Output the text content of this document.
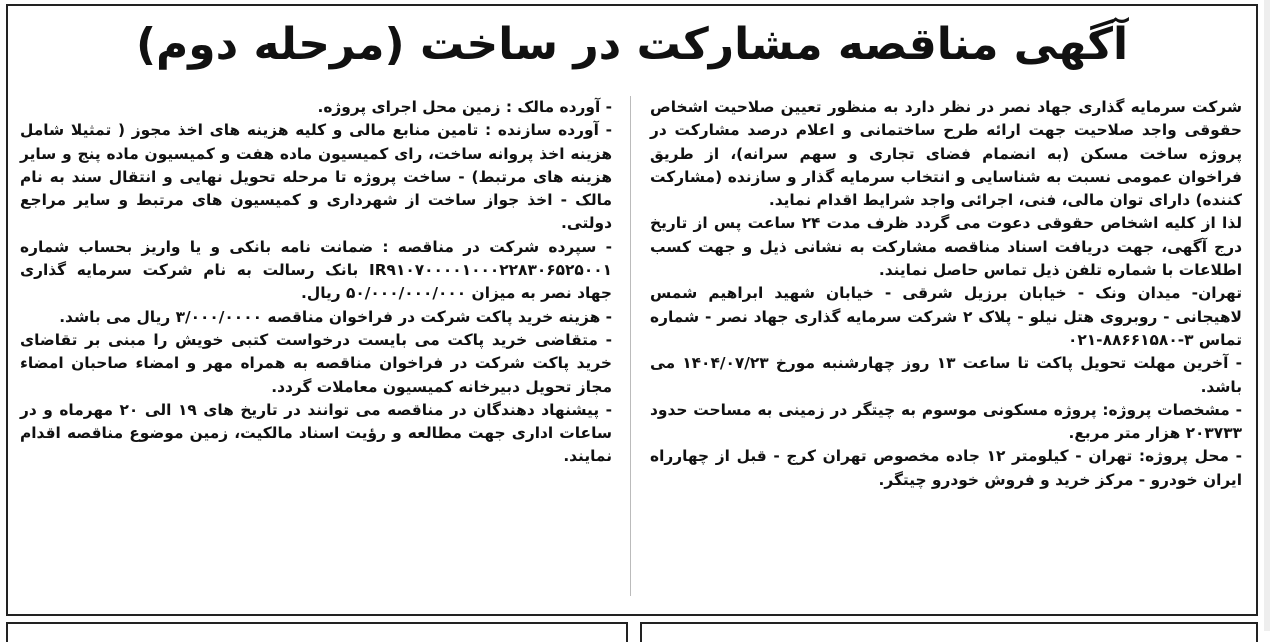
آگهی مناقصه مشارکت در ساخت (مرحله دوم)

شرکت سرمایه گذاری جهاد نصر در نظر دارد به منظور تعیین صلاحیت اشخاص حقوقی واجد صلاحیت جهت ارائه طرح ساختمانی و اعلام درصد مشارکت در پروژه ساخت مسکن (به انضمام فضای تجاری و سهم سرانه)، از طریق فراخوان عمومی نسبت به شناسایی و انتخاب سرمایه گذار و سازنده (مشارکت کننده) دارای توان مالی، فنی، اجرائی واجد شرایط اقدام نماید.

لذا از کلیه اشخاص حقوقی دعوت می گردد ظرف مدت ۲۴ ساعت پس از تاریخ درج آگهی، جهت دریافت اسناد مناقصه مشارکت به نشانی ذیل و جهت کسب اطلاعات با شماره تلفن ذیل تماس حاصل نمایند.

تهران- میدان ونک - خیابان برزیل شرقی - خیابان شهید ابراهیم شمس لاهیجانی - روبروی هتل نیلو - پلاک ۲ شرکت سرمایه گذاری جهاد نصر - شماره تماس ۳-۸۸۶۶۱۵۸۰-۰۲۱

- آخرین مهلت تحویل پاکت تا ساعت ۱۳ روز چهارشنبه مورخ ۱۴۰۴/۰۷/۲۳ می باشد.

- مشخصات پروژه: پروژه مسکونی موسوم به چیتگر در زمینی به مساحت حدود ۲۰۳۷۳۳ هزار متر مربع.

- محل پروژه: تهران - کیلومتر ۱۲ جاده مخصوص تهران کرج - قبل از چهارراه ایران خودرو - مرکز خرید و فروش خودرو چیتگر.

- آورده مالک : زمین محل اجرای پروژه.

- آورده سازنده : تامین منابع مالی و کلیه هزینه های اخذ مجوز ( تمثیلا شامل هزینه اخذ پروانه ساخت، رای کمیسیون ماده هفت و کمیسیون ماده پنج و سایر هزینه های مرتبط) - ساخت پروژه تا مرحله تحویل نهایی و انتقال سند به نام مالک - اخذ جواز ساخت از شهرداری و کمیسیون های مرتبط و سایر مراجع دولتی.

- سپرده شرکت در مناقصه : ضمانت نامه بانکی و یا واریز بحساب شماره IR۹۱۰۷۰۰۰۰۱۰۰۰۲۲۸۳۰۶۵۲۵۰۰۱ بانک رسالت به نام شرکت سرمایه گذاری جهاد نصر به میزان ۵۰/۰۰۰/۰۰۰/۰۰۰ ریال.

- هزینه خرید پاکت شرکت در فراخوان مناقصه ۳/۰۰۰/۰۰۰۰ ریال می باشد.

- متقاضی خرید پاکت می بایست درخواست کتبی خویش را مبنی بر تقاضای خرید پاکت شرکت در فراخوان مناقصه به همراه مهر و امضاء صاحبان امضاء مجاز تحویل دبیرخانه کمیسیون معاملات گردد.

- پیشنهاد دهندگان در مناقصه می توانند در تاریخ های ۱۹ الی ۲۰ مهرماه و در ساعات اداری جهت مطالعه و رؤیت اسناد مالکیت، زمین موضوع مناقصه اقدام نمایند.
